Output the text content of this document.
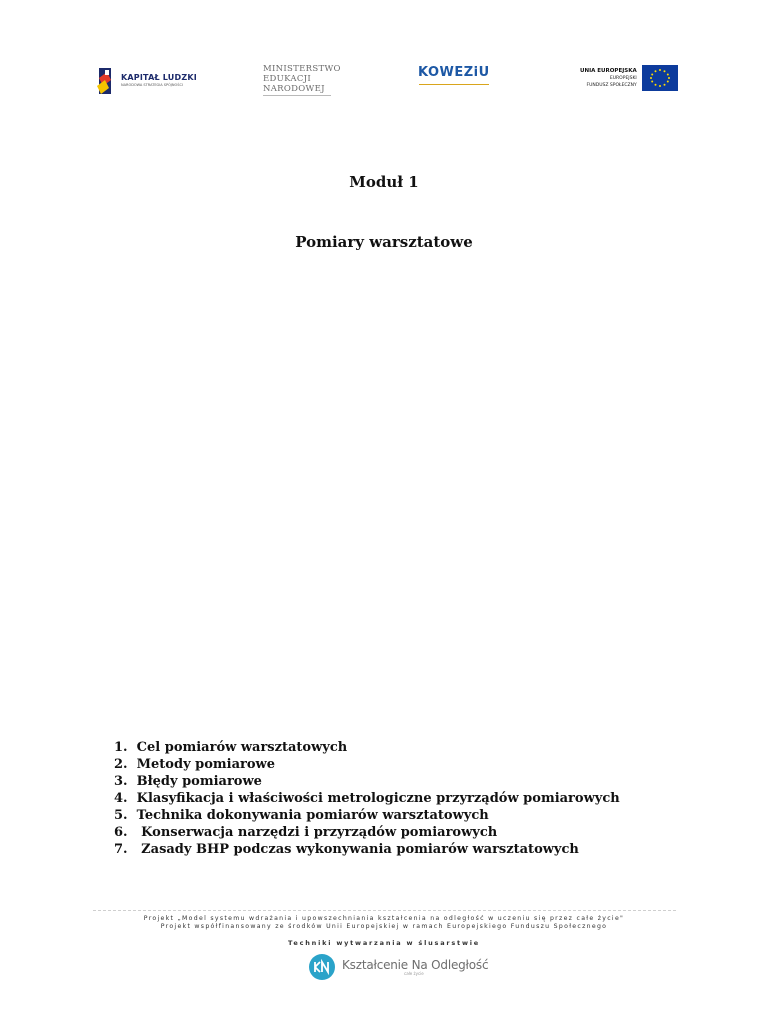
KAPITAŁ LUDZKI
NARODOWA STRATEGIA SPÓJNOŚCI
MINISTERSTWO
EDUKACJI
NARODOWEJ
KOWEZiU	UNIA EUROPEJSKA
EUROPEJSKI
FUNDUSZ SPOŁECZNY
Moduł 1
Pomiary warsztatowe
1. Cel pomiarów warsztatowych
2. Metody pomiarowe
3. Błędy pomiarowe
4. Klasyfikacja i właściwości metrologiczne przyrządów pomiarowych
5. Technika dokonywania pomiarów warsztatowych
6. Konserwacja narzędzi i przyrządów pomiarowych
7. Zasady BHP podczas wykonywania pomiarów warsztatowych
Projekt „Model systemu wdrażania i upowszechniania kształcenia na odległość w uczeniu się przez całe życie"
Projekt współfinansowany ze środków Unii Europejskiej w ramach Europejskiego Funduszu Społecznego
Techniki wytwarzania w ślusarstwie
Kształcenie Na Odległość
całe życie
